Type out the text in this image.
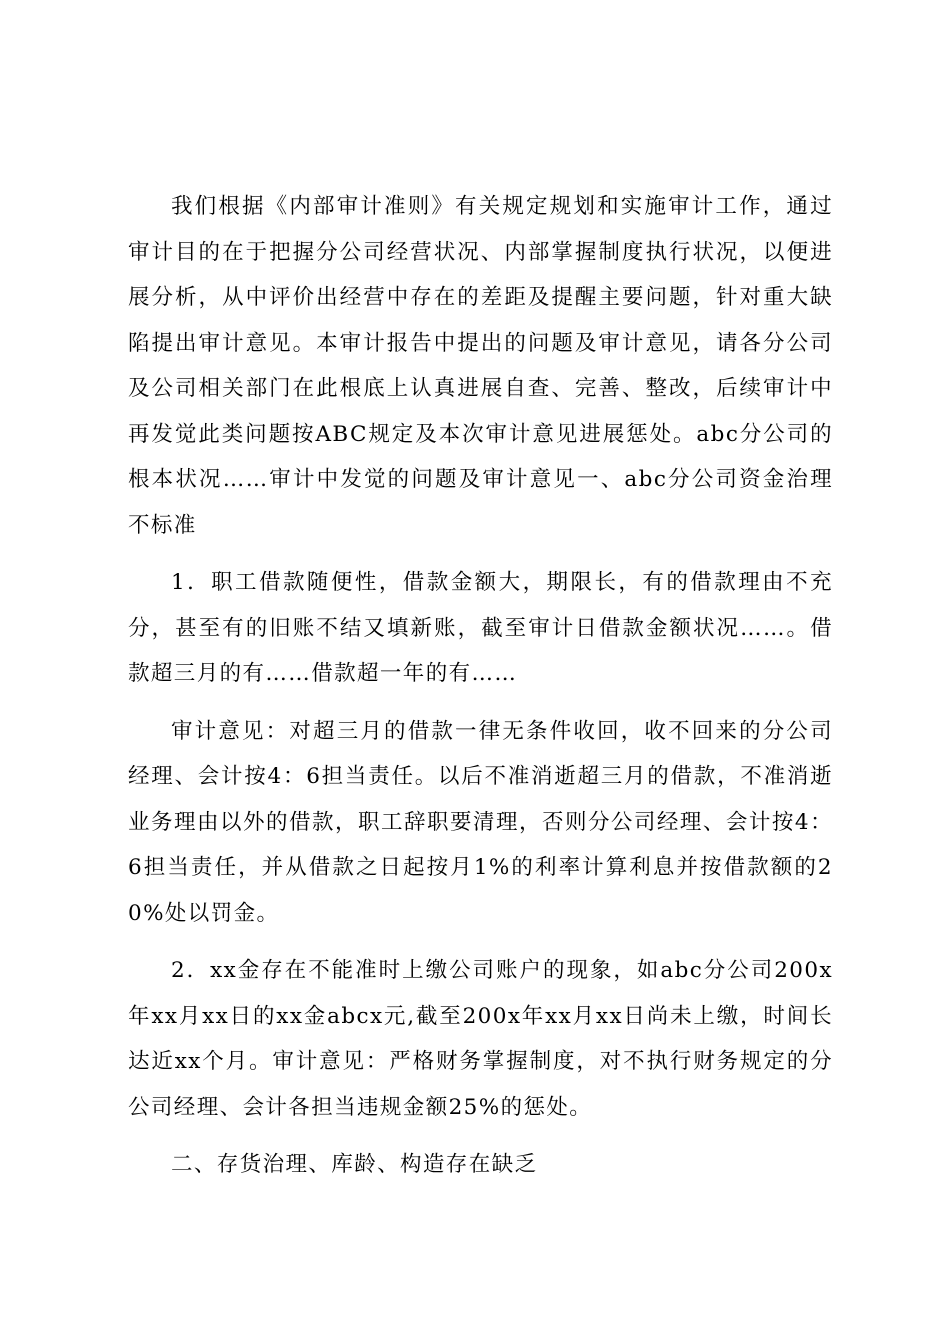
我们根据《内部审计准则》有关规定规划和实施审计工作，通过审计目的在于把握分公司经营状况、内部掌握制度执行状况，以便进展分析，从中评价出经营中存在的差距及提醒主要问题，针对重大缺陷提出审计意见。本审计报告中提出的问题及审计意见，请各分公司及公司相关部门在此根底上认真进展自查、完善、整改，后续审计中再发觉此类问题按ABC规定及本次审计意见进展惩处。abc分公司的根本状况……审计中发觉的问题及审计意见一、abc分公司资金治理不标准

1．职工借款随便性，借款金额大，期限长，有的借款理由不充分，甚至有的旧账不结又填新账，截至审计日借款金额状况……。借款超三月的有……借款超一年的有……

审计意见：对超三月的借款一律无条件收回，收不回来的分公司经理、会计按4：6担当责任。以后不准消逝超三月的借款，不准消逝业务理由以外的借款，职工辞职要清理，否则分公司经理、会计按4：6担当责任，并从借款之日起按月1%的利率计算利息并按借款额的20%处以罚金。

2．xx金存在不能准时上缴公司账户的现象，如abc分公司200x年xx月xx日的xx金abcx元,截至200x年xx月xx日尚未上缴，时间长达近xx个月。审计意见：严格财务掌握制度，对不执行财务规定的分公司经理、会计各担当违规金额25%的惩处。

二、存货治理、库龄、构造存在缺乏
